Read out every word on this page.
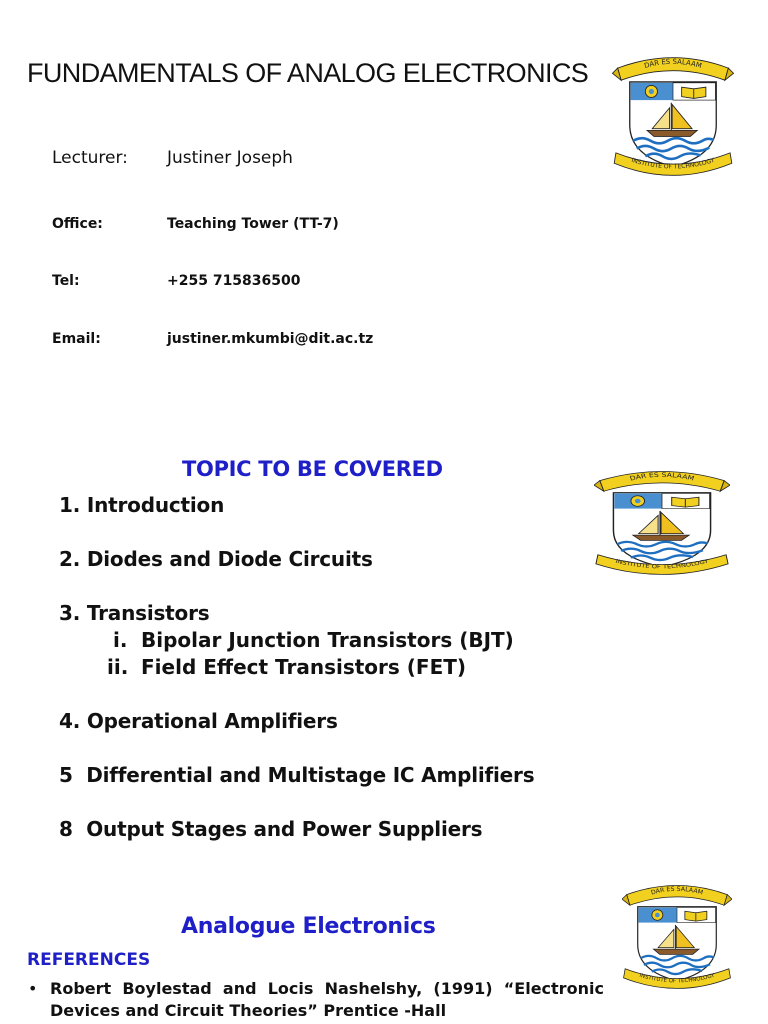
FUNDAMENTALS OF ANALOG ELECTRONICS
Lecturer: Justiner Joseph
Office:	Teaching Tower (TT-7)
Tel:	+255 715836500
Email:	justiner.mkumbi@dit.ac.tz
TOPIC TO BE COVERED
1. Introduction
2. Diodes and Diode Circuits
3. Transistors
i. Bipolar Junction Transistors (BJT)
ii. Field Effect Transistors (FET)
4. Operational Amplifiers
5  Differential and Multistage IC Amplifiers
8  Output Stages and Power Suppliers
Analogue Electronics
REFERENCES
• Robert Boylestad and Locis Nashelshy, (1991) “Electronic
Devices and Circuit Theories” Prentice -Hall
DAR ES SALAAM
INSTITUTE OF TECHNOLOGY
DAR ES SALAAM
INSTITUTE OF TECHNOLOGY
DAR ES SALAAM
INSTITUTE OF TECHNOLOGY
